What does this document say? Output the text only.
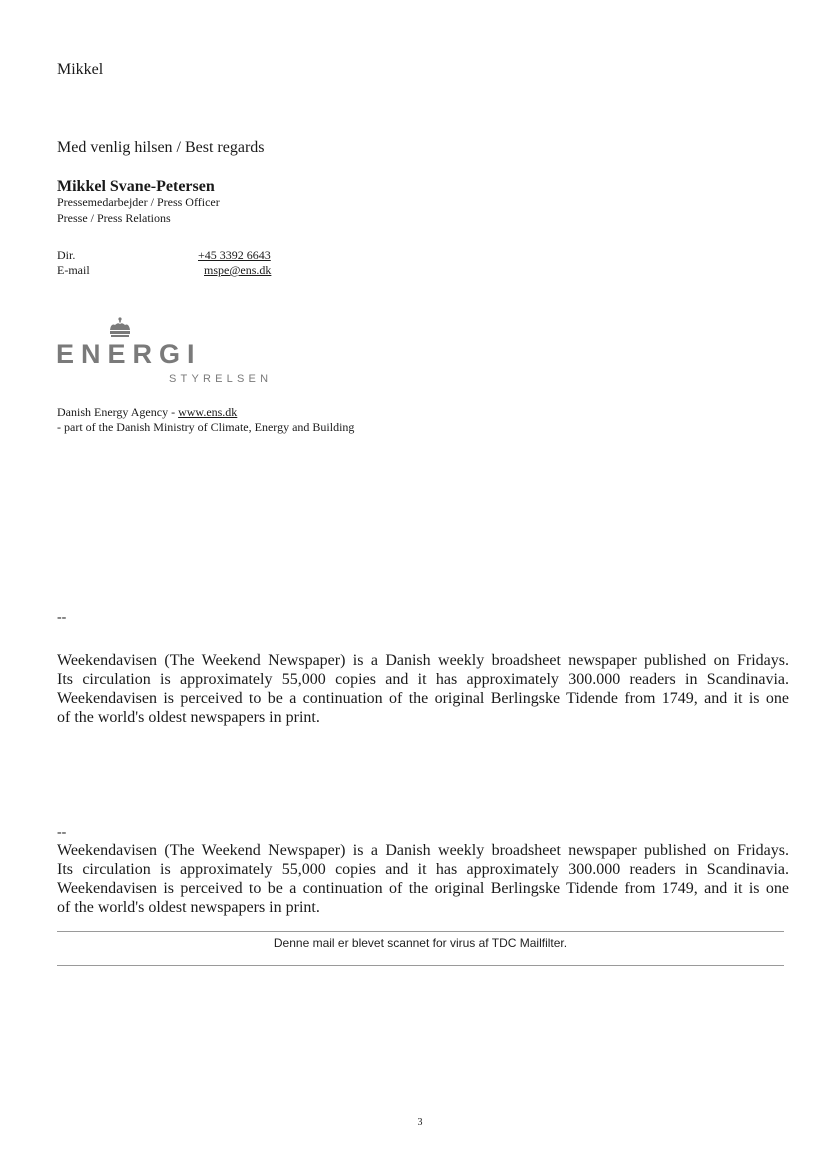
Mikkel
Med venlig hilsen / Best regards
Mikkel Svane-Petersen
Pressemedarbejder / Press Officer
Presse / Press Relations
Dir.	+45 3392 6643
E-mail	mspe@ens.dk
ENERGI
STYRELSEN
Danish Energy Agency - www.ens.dk
- part of the Danish Ministry of Climate, Energy and Building
--
Weekendavisen (The Weekend Newspaper) is a Danish weekly broadsheet newspaper published on Fridays.
Its circulation is approximately 55,000 copies and it has approximately 300.000 readers in Scandinavia.
Weekendavisen is perceived to be a continuation of the original Berlingske Tidende from 1749, and it is one
of the world's oldest newspapers in print.
--
Weekendavisen (The Weekend Newspaper) is a Danish weekly broadsheet newspaper published on Fridays.
Its circulation is approximately 55,000 copies and it has approximately 300.000 readers in Scandinavia.
Weekendavisen is perceived to be a continuation of the original Berlingske Tidende from 1749, and it is one
of the world's oldest newspapers in print.
Denne mail er blevet scannet for virus af TDC Mailfilter.
3
